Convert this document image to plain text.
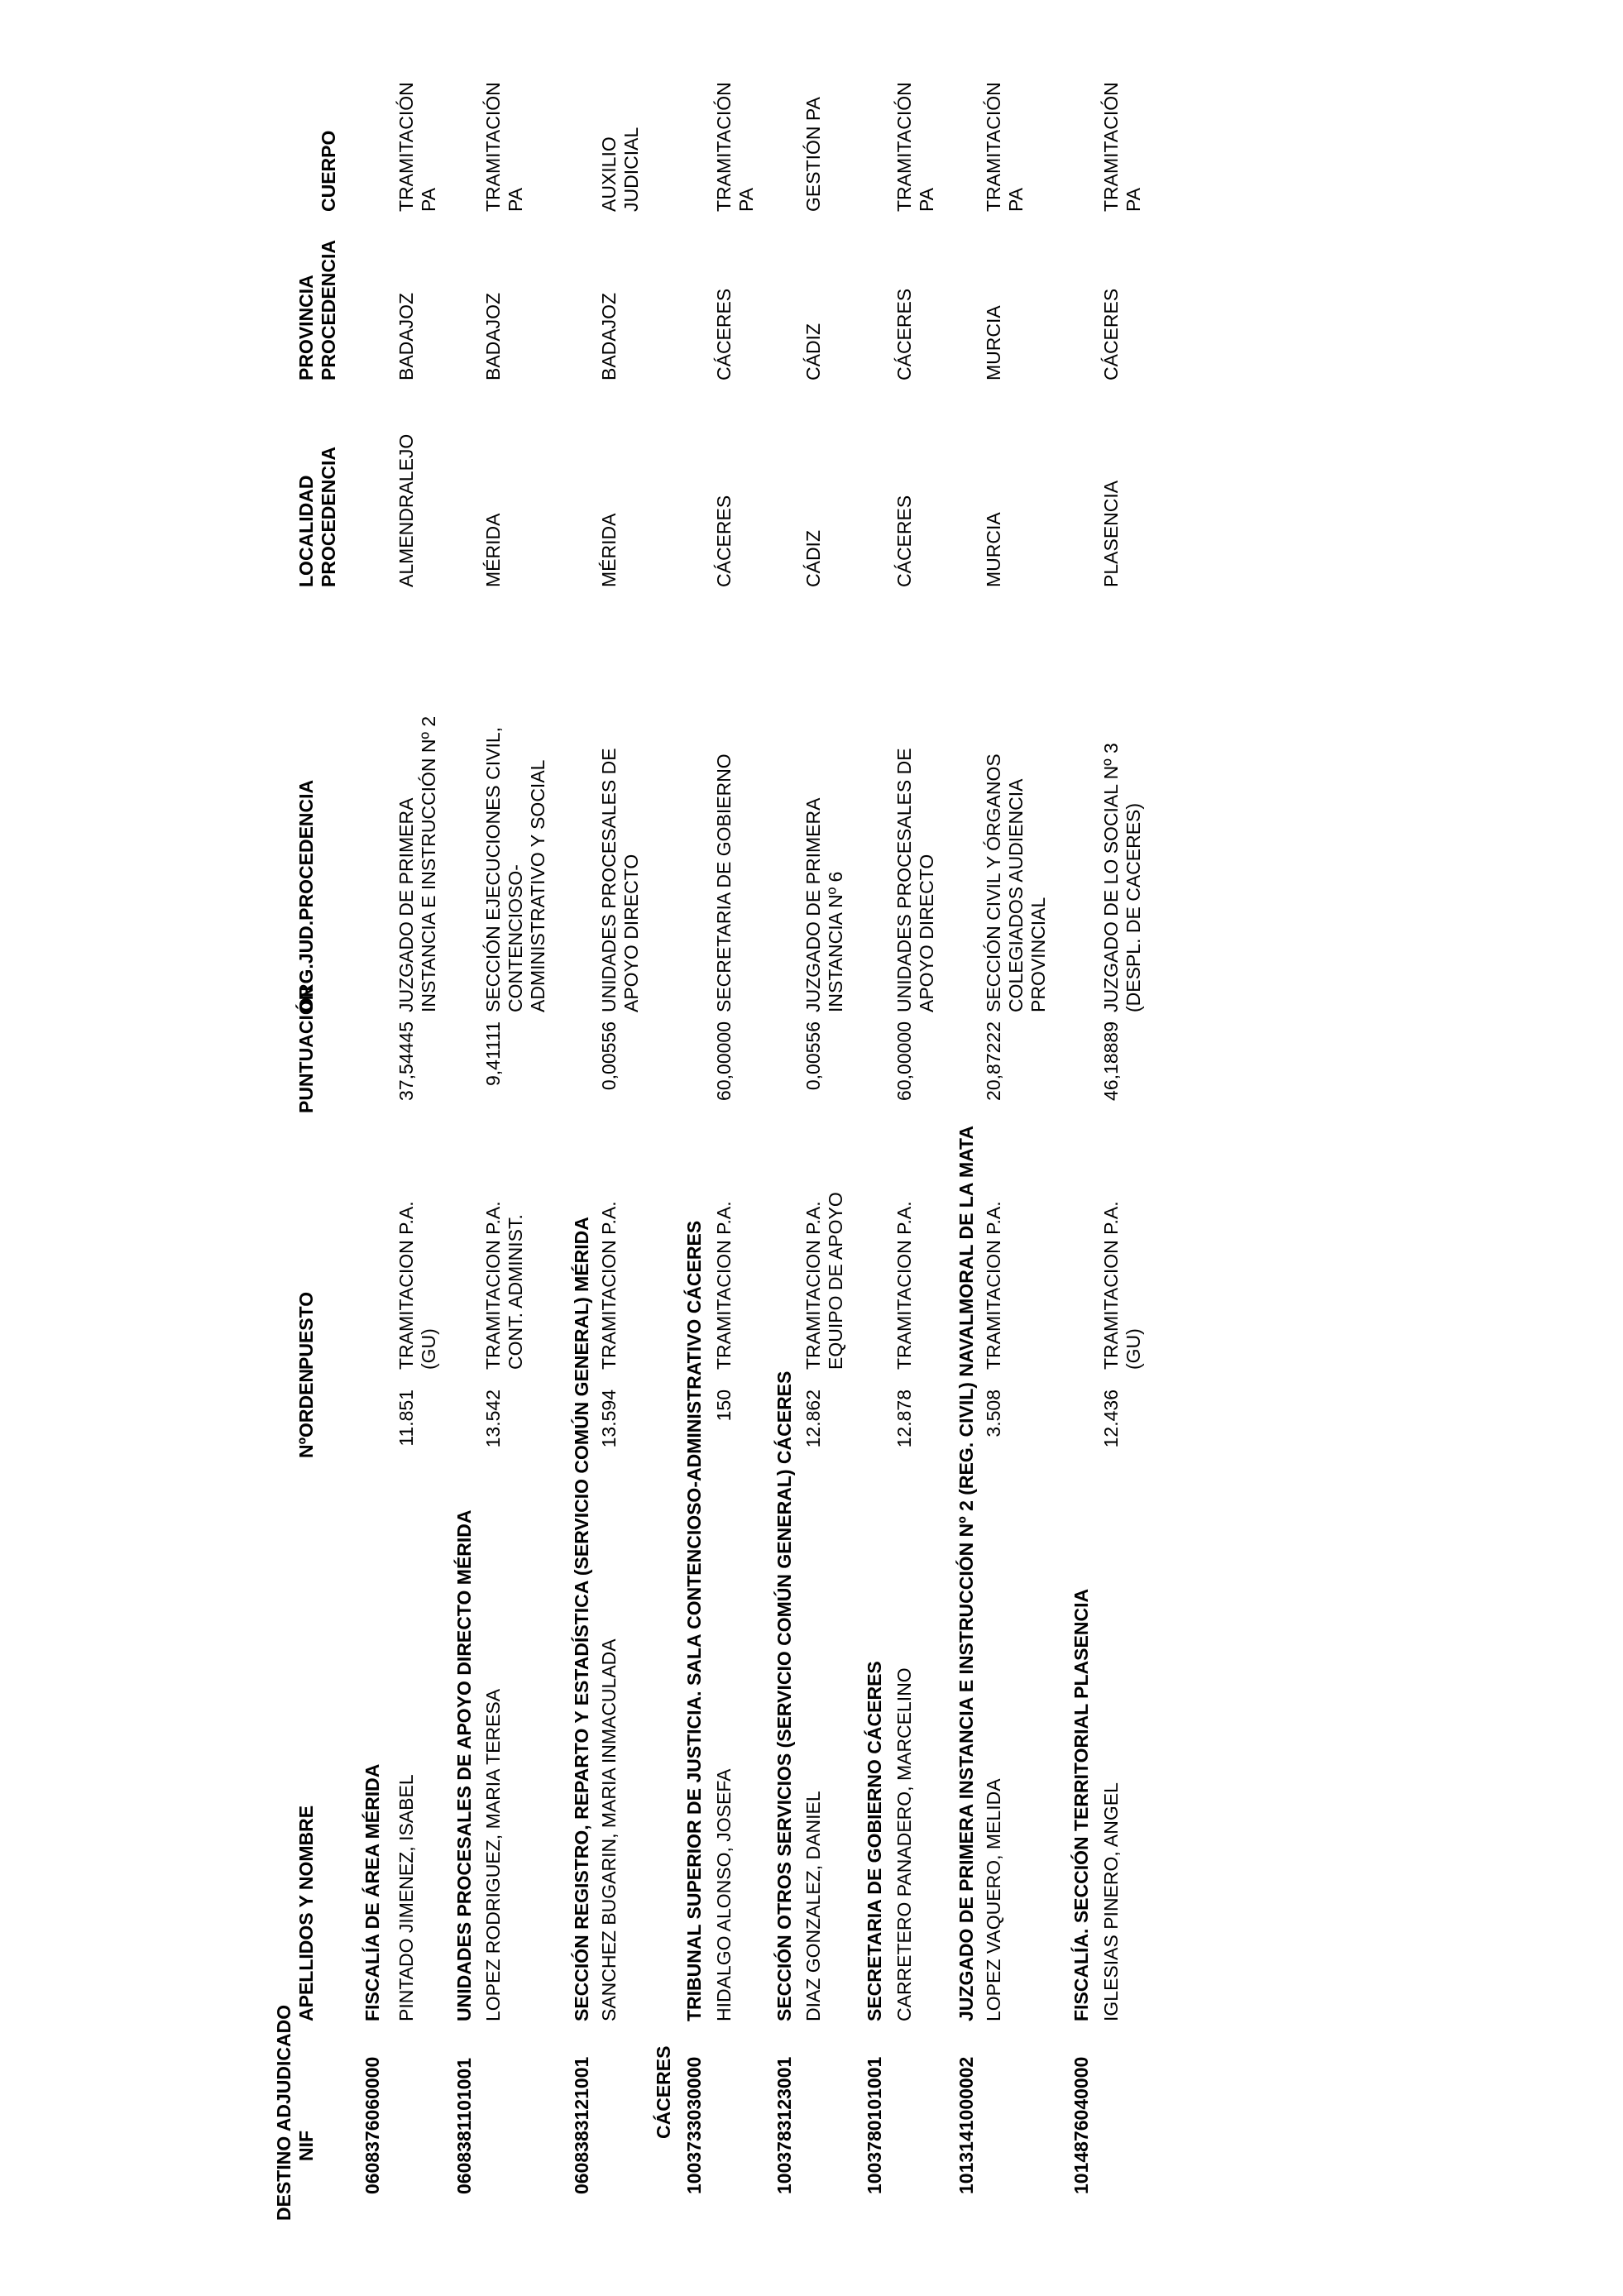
DESTINO ADJUDICADO NIF
APELLIDOS Y NOMBRE
NºORDEN
PUESTO
PUNTUACIÓN
ORG.JUD.PROCEDENCIA
LOCALIDAD PROCEDENCIA
PROVINCIA PROCEDENCIA
CUERPO
0608376060000
FISCALÍA DE ÁREA MÉRIDA PINTADO JIMENEZ, ISABEL
11.851
TRAMITACION P.A. (GU)
37,54445
JUZGADO DE PRIMERA INSTANCIA E INSTRUCCIÓN Nº 2
ALMENDRALEJO
BADAJOZ
TRAMITACIÓN PA
0608381101001
UNIDADES PROCESALES DE APOYO DIRECTO MÉRIDA LOPEZ RODRIGUEZ, MARIA TERESA
13.542
TRAMITACION P.A. CONT. ADMINIST.
9,41111
SECCIÓN EJECUCIONES CIVIL, CONTENCIOSO- ADMINISTRATIVO Y SOCIAL
MÉRIDA
BADAJOZ
TRAMITACIÓN PA
0608383121001
SECCIÓN REGISTRO, REPARTO Y ESTADÍSTICA (SERVICIO COMÚN GENERAL) MÉRIDA SANCHEZ BUGARIN, MARIA INMACULADA
13.594
TRAMITACION P.A.
0,00556
UNIDADES PROCESALES DE APOYO DIRECTO
MÉRIDA
BADAJOZ
AUXILIO JUDICIAL
CÁCERES 1003733030000
TRIBUNAL SUPERIOR DE JUSTICIA. SALA CONTENCIOSO-ADMINISTRATIVO CÁCERES HIDALGO ALONSO, JOSEFA
150
TRAMITACION P.A.
60,00000
SECRETARIA DE GOBIERNO
CÁCERES
CÁCERES
TRAMITACIÓN PA
1003783123001
SECCIÓN OTROS SERVICIOS (SERVICIO COMÚN GENERAL) CÁCERES DIAZ GONZALEZ, DANIEL
12.862
TRAMITACION P.A. EQUIPO DE APOYO
0,00556
JUZGADO DE PRIMERA INSTANCIA Nº 6
CÁDIZ
CÁDIZ
GESTIÓN PA
1003780101001
SECRETARIA DE GOBIERNO CÁCERES CARRETERO PANADERO, MARCELINO
12.878
TRAMITACION P.A.
60,00000
UNIDADES PROCESALES DE APOYO DIRECTO
CÁCERES
CÁCERES
TRAMITACIÓN PA
1013141000002
JUZGADO DE PRIMERA INSTANCIA E INSTRUCCIÓN Nº 2 (REG. CIVIL) NAVALMORAL DE LA MATA LOPEZ VAQUERO, MELIDA
3.508
TRAMITACION P.A.
20,87222
SECCIÓN CIVIL Y ÓRGANOS COLEGIADOS AUDIENCIA PROVINCIAL
MURCIA
MURCIA
TRAMITACIÓN PA
1014876040000
FISCALÍA. SECCIÓN TERRITORIAL PLASENCIA IGLESIAS PINERO, ANGEL
12.436
TRAMITACION P.A. (GU)
46,18889
JUZGADO DE LO SOCIAL Nº 3 (DESPL. DE CACERES)
PLASENCIA
CÁCERES
TRAMITACIÓN PA
